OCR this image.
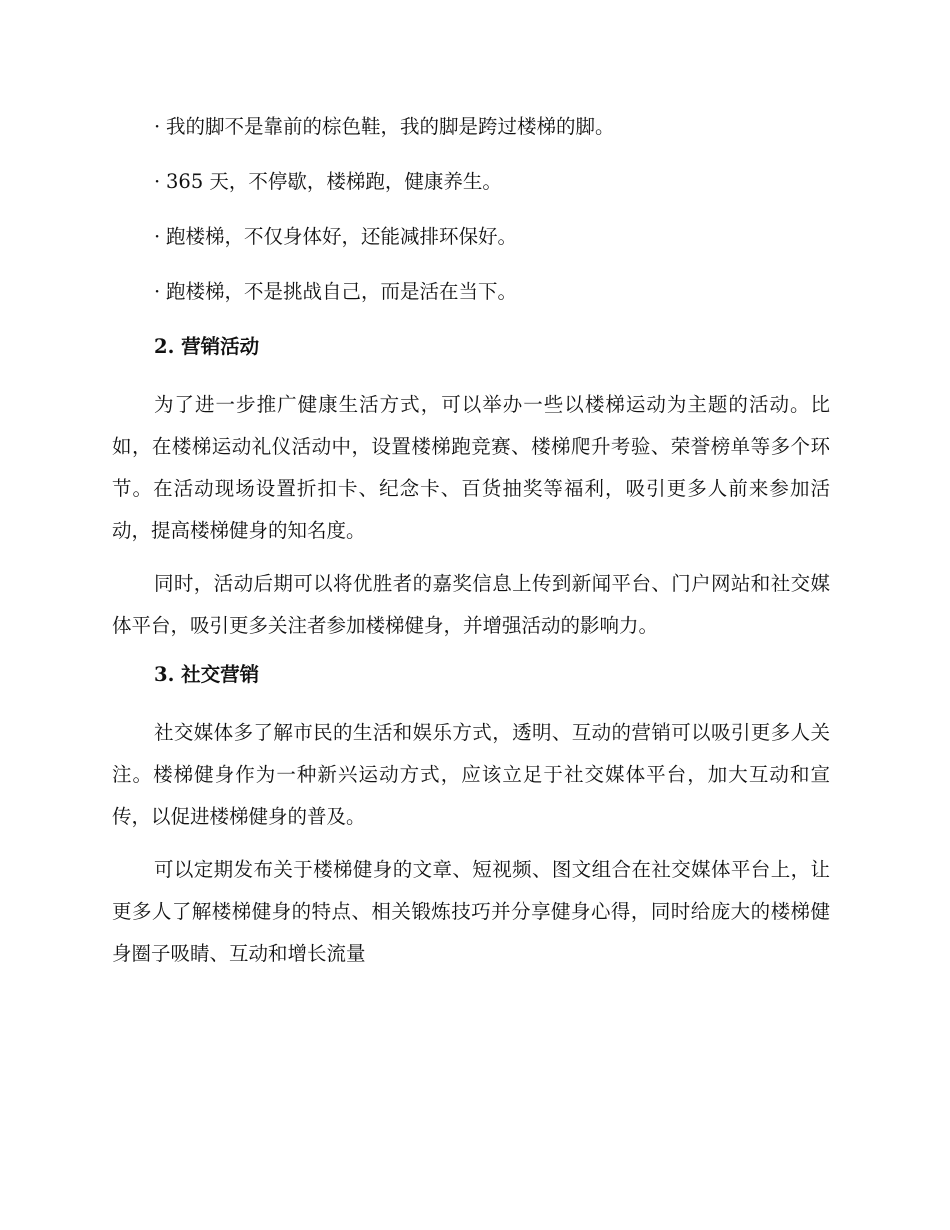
· 我的脚不是靠前的棕色鞋，我的脚是跨过楼梯的脚。
· 365 天，不停歇，楼梯跑，健康养生。
· 跑楼梯，不仅身体好，还能减排环保好。
· 跑楼梯，不是挑战自己，而是活在当下。
2. 营销活动

为了进一步推广健康生活方式，可以举办一些以楼梯运动为主题的活动。比如，在楼梯运动礼仪活动中，设置楼梯跑竞赛、楼梯爬升考验、荣誉榜单等多个环节。在活动现场设置折扣卡、纪念卡、百货抽奖等福利，吸引更多人前来参加活动，提高楼梯健身的知名度。

同时，活动后期可以将优胜者的嘉奖信息上传到新闻平台、门户网站和社交媒体平台，吸引更多关注者参加楼梯健身，并增强活动的影响力。

3. 社交营销

社交媒体多了解市民的生活和娱乐方式，透明、互动的营销可以吸引更多人关注。楼梯健身作为一种新兴运动方式，应该立足于社交媒体平台，加大互动和宣传，以促进楼梯健身的普及。

可以定期发布关于楼梯健身的文章、短视频、图文组合在社交媒体平台上，让更多人了解楼梯健身的特点、相关锻炼技巧并分享健身心得，同时给庞大的楼梯健身圈子吸睛、互动和增长流量
